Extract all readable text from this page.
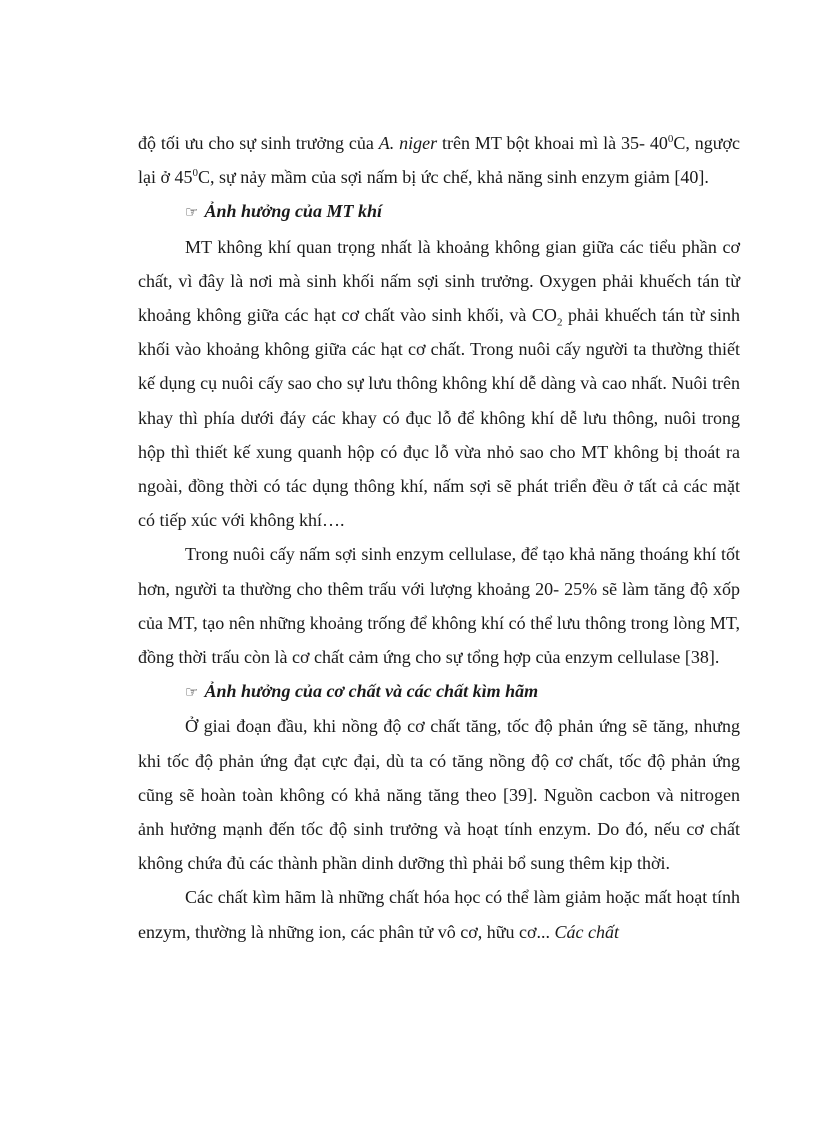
độ tối ưu cho sự sinh trưởng của A. niger trên MT bột khoai mì là 35- $40^0C$, ngược lại ở $45^0C$, sự nảy mầm của sợi nấm bị ức chế, khả năng sinh enzym giảm [40].

☞ Ảnh hưởng của MT khí

MT không khí quan trọng nhất là khoảng không gian giữa các tiểu phần cơ chất, vì đây là nơi mà sinh khối nấm sợi sinh trưởng. Oxygen phải khuếch tán từ khoảng không giữa các hạt cơ chất vào sinh khối, và $CO_2$ phải khuếch tán từ sinh khối vào khoảng không giữa các hạt cơ chất. Trong nuôi cấy người ta thường thiết kế dụng cụ nuôi cấy sao cho sự lưu thông không khí dễ dàng và cao nhất. Nuôi trên khay thì phía dưới đáy các khay có đục lỗ để không khí dễ lưu thông, nuôi trong hộp thì thiết kế xung quanh hộp có đục lỗ vừa nhỏ sao cho MT không bị thoát ra ngoài, đồng thời có tác dụng thông khí, nấm sợi sẽ phát triển đều ở tất cả các mặt có tiếp xúc với không khí….

Trong nuôi cấy nấm sợi sinh enzym cellulase, để tạo khả năng thoáng khí tốt hơn, người ta thường cho thêm trấu với lượng khoảng 20- 25% sẽ làm tăng độ xốp của MT, tạo nên những khoảng trống để không khí có thể lưu thông trong lòng MT, đồng thời trấu còn là cơ chất cảm ứng cho sự tổng hợp của enzym cellulase [38].

☞ Ảnh hưởng của cơ chất và các chất kìm hãm

Ở giai đoạn đầu, khi nồng độ cơ chất tăng, tốc độ phản ứng sẽ tăng, nhưng khi tốc độ phản ứng đạt cực đại, dù ta có tăng nồng độ cơ chất, tốc độ phản ứng cũng sẽ hoàn toàn không có khả năng tăng theo [39]. Nguồn cacbon và nitrogen ảnh hưởng mạnh đến tốc độ sinh trưởng và hoạt tính enzym. Do đó, nếu cơ chất không chứa đủ các thành phần dinh dưỡng thì phải bổ sung thêm kịp thời.

Các chất kìm hãm là những chất hóa học có thể làm giảm hoặc mất hoạt tính enzym, thường là những ion, các phân tử vô cơ, hữu cơ... Các chất
